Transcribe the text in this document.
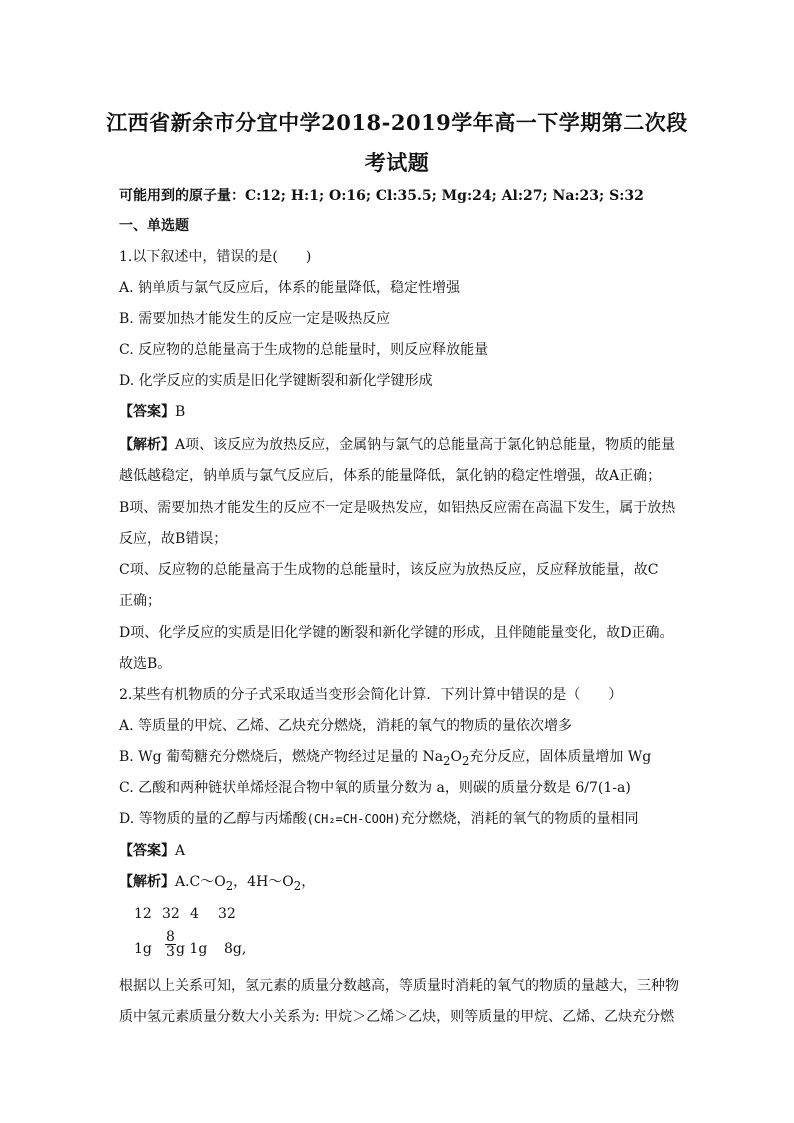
江西省新余市分宜中学2018-2019学年高一下学期第二次段
考试题
可能用到的原子量：C:12; H:1; O:16; Cl:35.5; Mg:24; Al:27; Na:23; S:32
一、单选题
1.以下叙述中，错误的是(　　)
A. 钠单质与氯气反应后，体系的能量降低，稳定性增强
B. 需要加热才能发生的反应一定是吸热反应
C. 反应物的总能量高于生成物的总能量时，则反应释放能量
D. 化学反应的实质是旧化学键断裂和新化学键形成
【答案】B
【解析】A项、该反应为放热反应，金属钠与氯气的总能量高于氯化钠总能量，物质的能量
越低越稳定，钠单质与氯气反应后，体系的能量降低，氯化钠的稳定性增强，故A正确；
B项、需要加热才能发生的反应不一定是吸热发应，如铝热反应需在高温下发生，属于放热
反应，故B错误；
C项、反应物的总能量高于生成物的总能量时，该反应为放热反应，反应释放能量，故C
正确；
D项、化学反应的实质是旧化学键的断裂和新化学键的形成，且伴随能量变化，故D正确。
故选B。
2.某些有机物质的分子式采取适当变形会简化计算．下列计算中错误的是（　　）
A. 等质量的甲烷、乙烯、乙炔充分燃烧，消耗的氧气的物质的量依次增多
B. Wg 葡萄糖充分燃烧后，燃烧产物经过足量的 $Na_2O_2$充分反应，固体质量增加 Wg
C. 乙酸和两种链状单烯烃混合物中氧的质量分数为 a，则碳的质量分数是 6/7(1-a)
D. 等物质的量的乙醇与丙烯酸(CH₂=CH-COOH)充分燃烧，消耗的氧气的物质的量相同
【答案】A
【解析】$A.C\sim O_2$，$4H\sim O_2$，
12 32 4 32
$1g \frac{8}{3}$ g 1g 8g,
根据以上关系可知，氢元素的质量分数越高，等质量时消耗的氧气的物质的量越大，三种物
质中氢元素质量分数大小关系为: 甲烷＞乙烯＞乙炔，则等质量的甲烷、乙烯、乙炔充分燃
